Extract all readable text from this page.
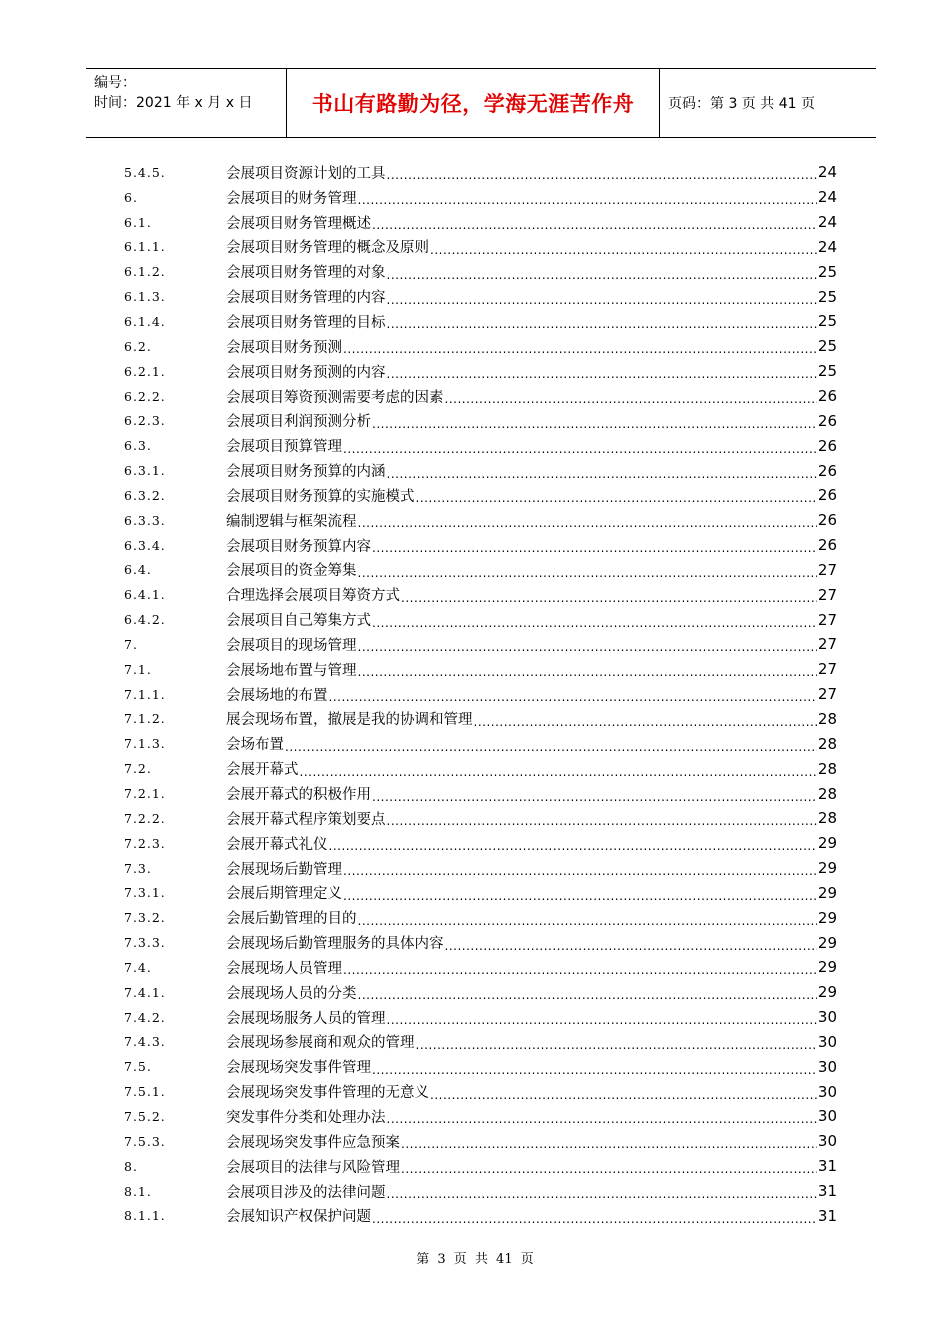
编号：
时间：2021 年 x 月 x 日	书山有路勤为径，学海无涯苦作舟 页码：第 3 页 共 41 页
5.4.5.	会展项目资源计划的工具 .....	24
6.	会展项目的财务管理 .....	24
6.1.	会展项目财务管理概述 .....	24
6.1.1.	会展项目财务管理的概念及原则 .....	24
6.1.2.	会展项目财务管理的对象 .....	25
6.1.3.	会展项目财务管理的内容 .....	25
6.1.4.	会展项目财务管理的目标 .....	25
6.2.	会展项目财务预测 .....	25
6.2.1.	会展项目财务预测的内容 .....	25
6.2.2.	会展项目筹资预测需要考虑的因素 .....	26
6.2.3.	会展项目利润预测分析 .....	26
6.3.	会展项目预算管理 .....	26
6.3.1.	会展项目财务预算的内涵 .....	26
6.3.2.	会展项目财务预算的实施模式 .....	26
6.3.3.	编制逻辑与框架流程 .....	26
6.3.4.	会展项目财务预算内容 .....	26
6.4.	会展项目的资金筹集 .....	27
6.4.1.	合理选择会展项目筹资方式 .....	27
6.4.2.	会展项目自己筹集方式 .....	27
7.	会展项目的现场管理 .....	27
7.1.	会展场地布置与管理 .....	27
7.1.1.	会展场地的布置 .....	27
7.1.2.	展会现场布置，撤展是我的协调和管理 .....	28
7.1.3.	会场布置 .....	28
7.2.	会展开幕式 .....	28
7.2.1.	会展开幕式的积极作用 .....	28
7.2.2.	会展开幕式程序策划要点 .....	28
7.2.3.	会展开幕式礼仪 .....	29
7.3.	会展现场后勤管理 .....	29
7.3.1.	会展后期管理定义 .....	29
7.3.2.	会展后勤管理的目的 .....	29
7.3.3.	会展现场后勤管理服务的具体内容 .....	29
7.4.	会展现场人员管理 .....	29
7.4.1.	会展现场人员的分类 .....	29
7.4.2.	会展现场服务人员的管理 .....	30
7.4.3.	会展现场参展商和观众的管理 .....	30
7.5.	会展现场突发事件管理 .....	30
7.5.1.	会展现场突发事件管理的无意义 .....	30
7.5.2.	突发事件分类和处理办法 .....	30
7.5.3.	会展现场突发事件应急预案 .....	30
8.	会展项目的法律与风险管理 .....	31
8.1.	会展项目涉及的法律问题 .....	31
8.1.1.	会展知识产权保护问题 .....	31
第 3 页 共 41 页
